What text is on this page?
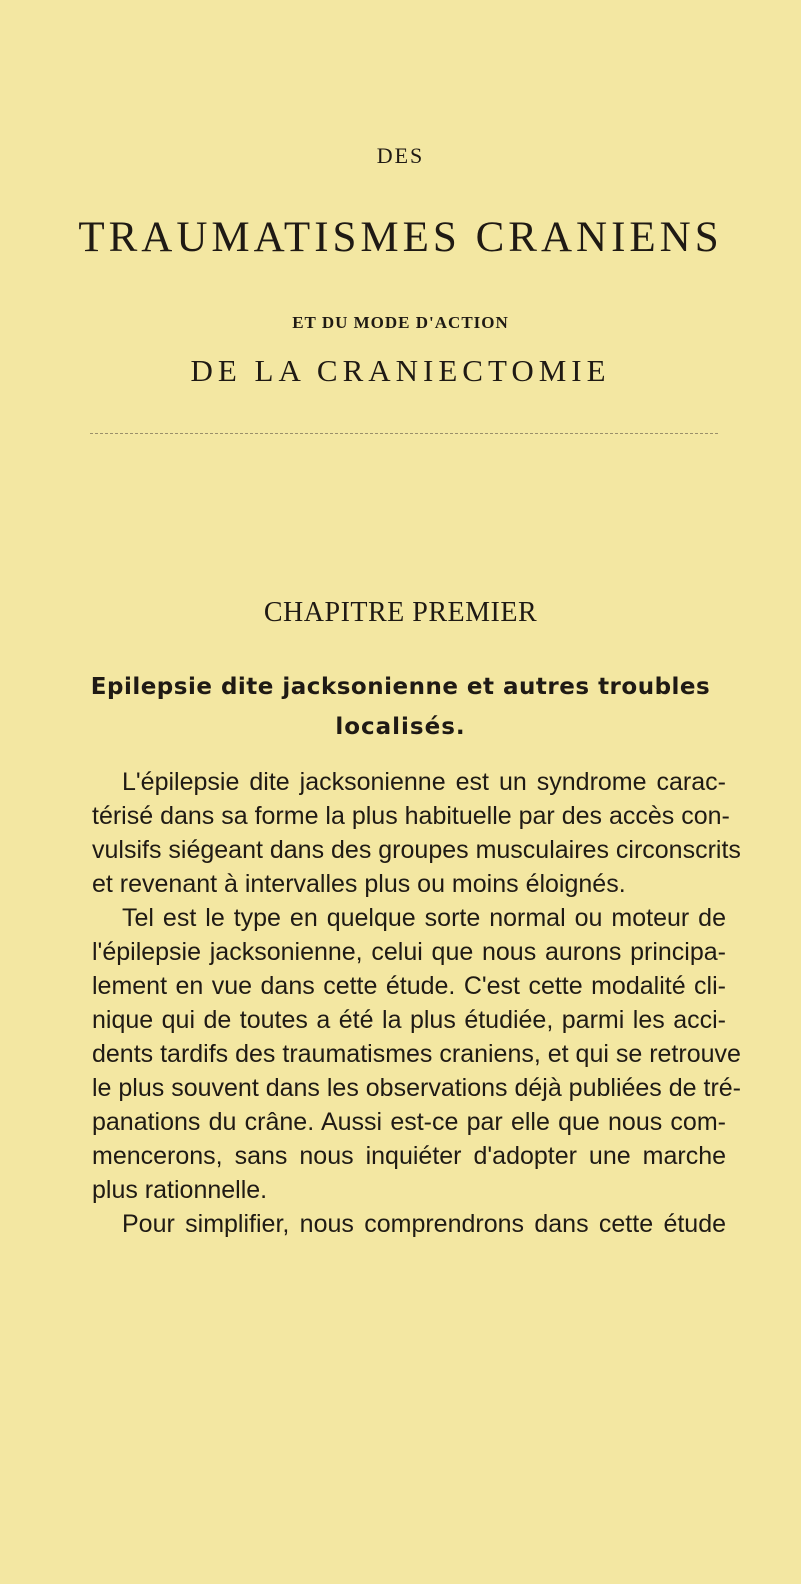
DES
TRAUMATISMES CRANIENS
ET DU MODE D'ACTION
DE LA CRANIECTOMIE
CHAPITRE PREMIER
Epilepsie dite jacksonienne et autres troubles
localisés.
L'épilepsie dite jacksonienne est un syndrome carac-
térisé dans sa forme la plus habituelle par des accès con-
vulsifs siégeant dans des groupes musculaires circonscrits
et revenant à intervalles plus ou moins éloignés.
Tel est le type en quelque sorte normal ou moteur de
l'épilepsie jacksonienne, celui que nous aurons principa-
lement en vue dans cette étude. C'est cette modalité cli-
nique qui de toutes a été la plus étudiée, parmi les acci-
dents tardifs des traumatismes craniens, et qui se retrouve
le plus souvent dans les observations déjà publiées de tré-
panations du crâne. Aussi est-ce par elle que nous com-
mencerons, sans nous inquiéter d'adopter une marche
plus rationnelle.
Pour simplifier, nous comprendrons dans cette étude
